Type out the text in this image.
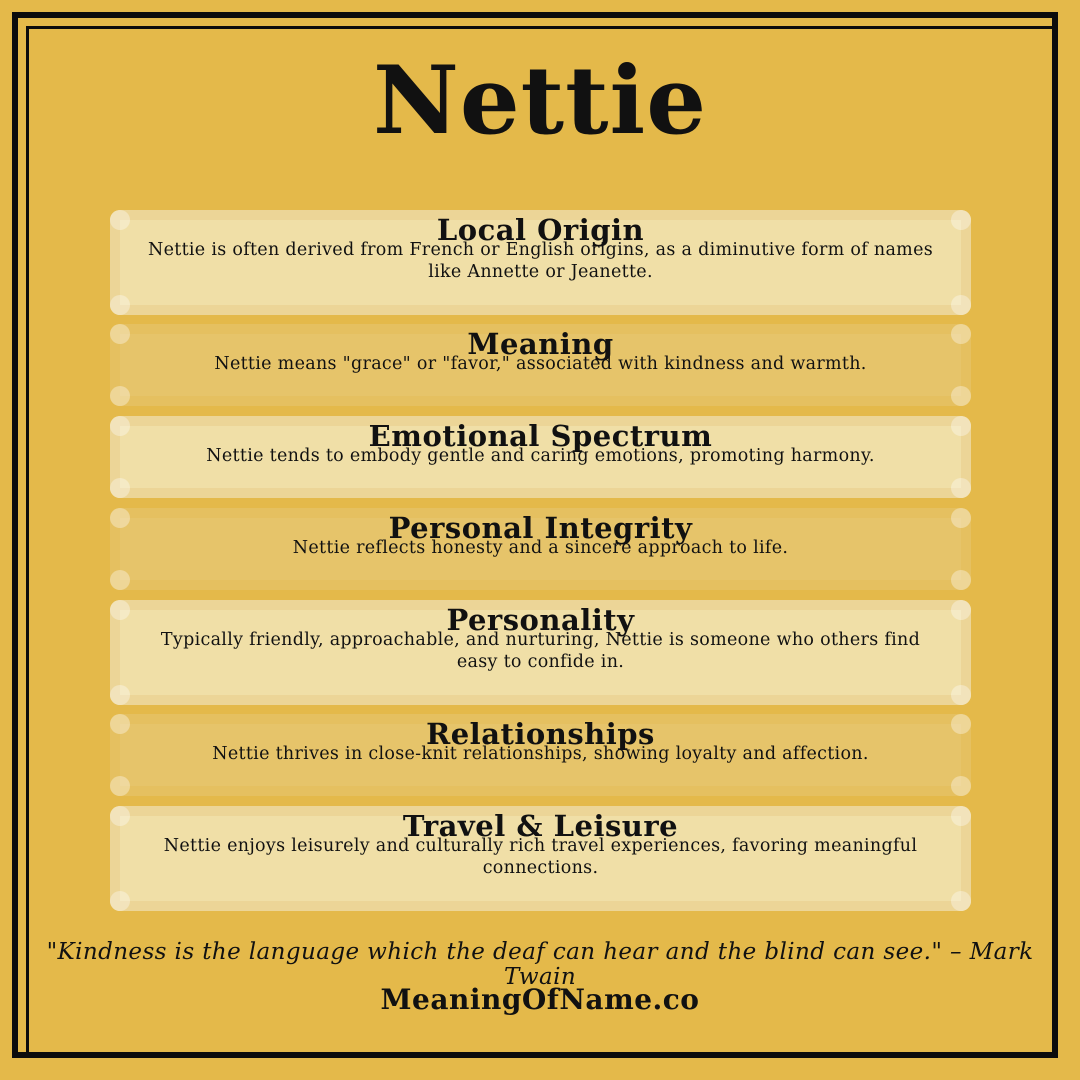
Nettie
Local Origin
Nettie is often derived from French or English origins, as a diminutive form of names like Annette or Jeanette.
Meaning
Nettie means "grace" or "favor," associated with kindness and warmth.
Emotional Spectrum
Nettie tends to embody gentle and caring emotions, promoting harmony.
Personal Integrity
Nettie reflects honesty and a sincere approach to life.
Personality
Typically friendly, approachable, and nurturing, Nettie is someone who others find easy to confide in.
Relationships
Nettie thrives in close-knit relationships, showing loyalty and affection.
Travel & Leisure
Nettie enjoys leisurely and culturally rich travel experiences, favoring meaningful connections.
"Kindness is the language which the deaf can hear and the blind can see." – Mark Twain
MeaningOfName.co
